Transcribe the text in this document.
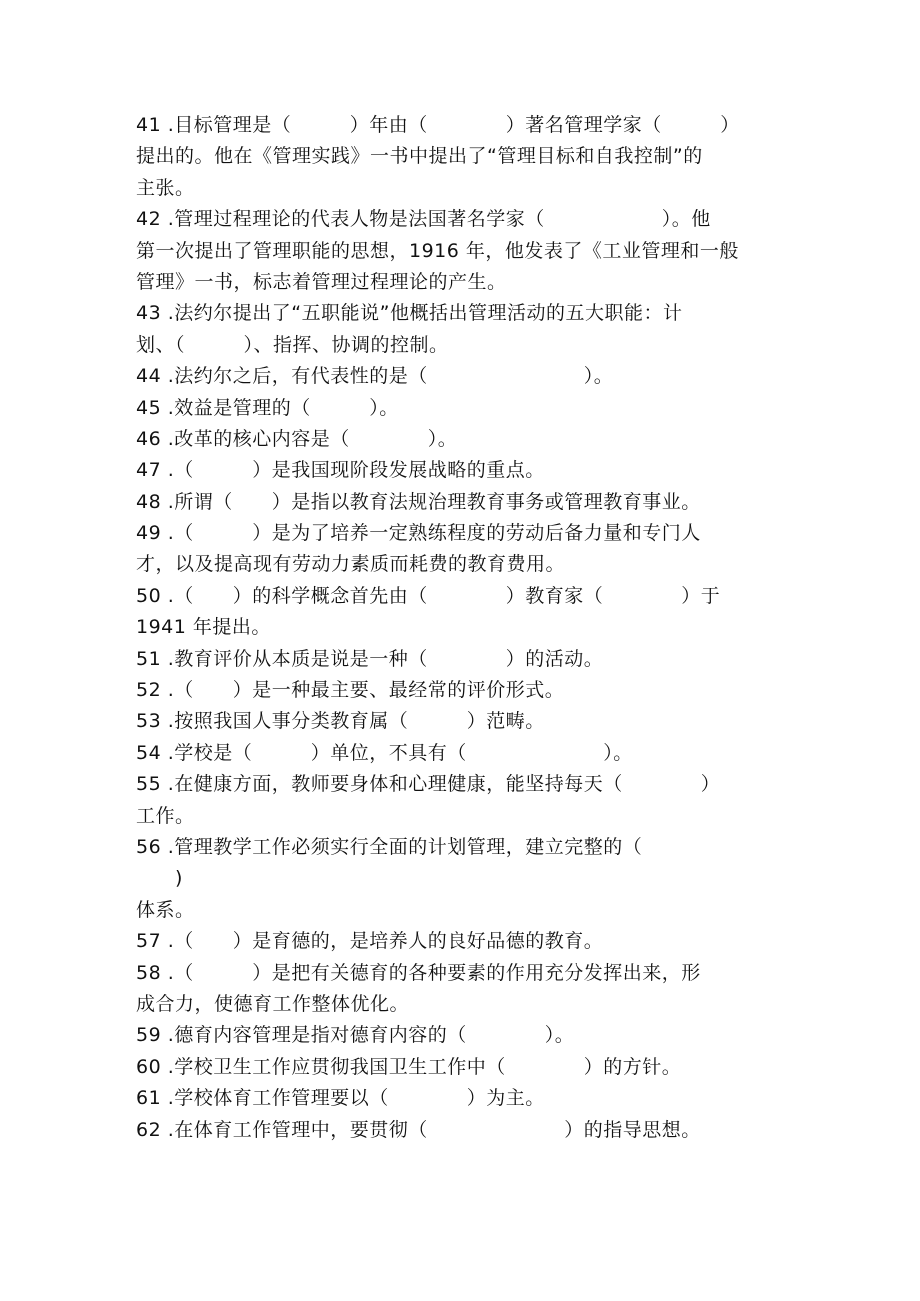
41 .目标管理是（　　　）年由（　　　　）著名管理学家（　　　）
提出的。他在《管理实践》一书中提出了“管理目标和自我控制”的
主张。
42 .管理过程理论的代表人物是法国著名学家（　　　　　　）。他
第一次提出了管理职能的思想，1916 年，他发表了《工业管理和一般
管理》一书，标志着管理过程理论的产生。
43 .法约尔提出了“五职能说”他概括出管理活动的五大职能：计
划、（　　　）、指挥、协调的控制。
44 .法约尔之后，有代表性的是（　　　　　　　　）。
45 .效益是管理的（　　　）。
46 .改革的核心内容是（　　　　）。
47 .（　　　）是我国现阶段发展战略的重点。
48 .所谓（　　）是指以教育法规治理教育事务或管理教育事业。
49 .（　　　）是为了培养一定熟练程度的劳动后备力量和专门人
才，以及提高现有劳动力素质而耗费的教育费用。
50 .（　　）的科学概念首先由（　　　　）教育家（　　　　）于
1941 年提出。
51 .教育评价从本质是说是一种（　　　　）的活动。
52 .（　　）是一种最主要、最经常的评价形式。
53 .按照我国人事分类教育属（　　　）范畴。
54 .学校是（　　　）单位，不具有（　　　　　　　）。
55 .在健康方面，教师要身体和心理健康，能坚持每天（　　　　）
工作。
56 .管理教学工作必须实行全面的计划管理，建立完整的（
　　)
体系。
57 .（　　）是育德的，是培养人的良好品德的教育。
58 .（　　　）是把有关德育的各种要素的作用充分发挥出来，形
成合力，使德育工作整体优化。
59 .德育内容管理是指对德育内容的（　　　　）。
60 .学校卫生工作应贯彻我国卫生工作中（　　　　）的方针。
61 .学校体育工作管理要以（　　　　）为主。
62 .在体育工作管理中，要贯彻（　　　　　　　）的指导思想。
